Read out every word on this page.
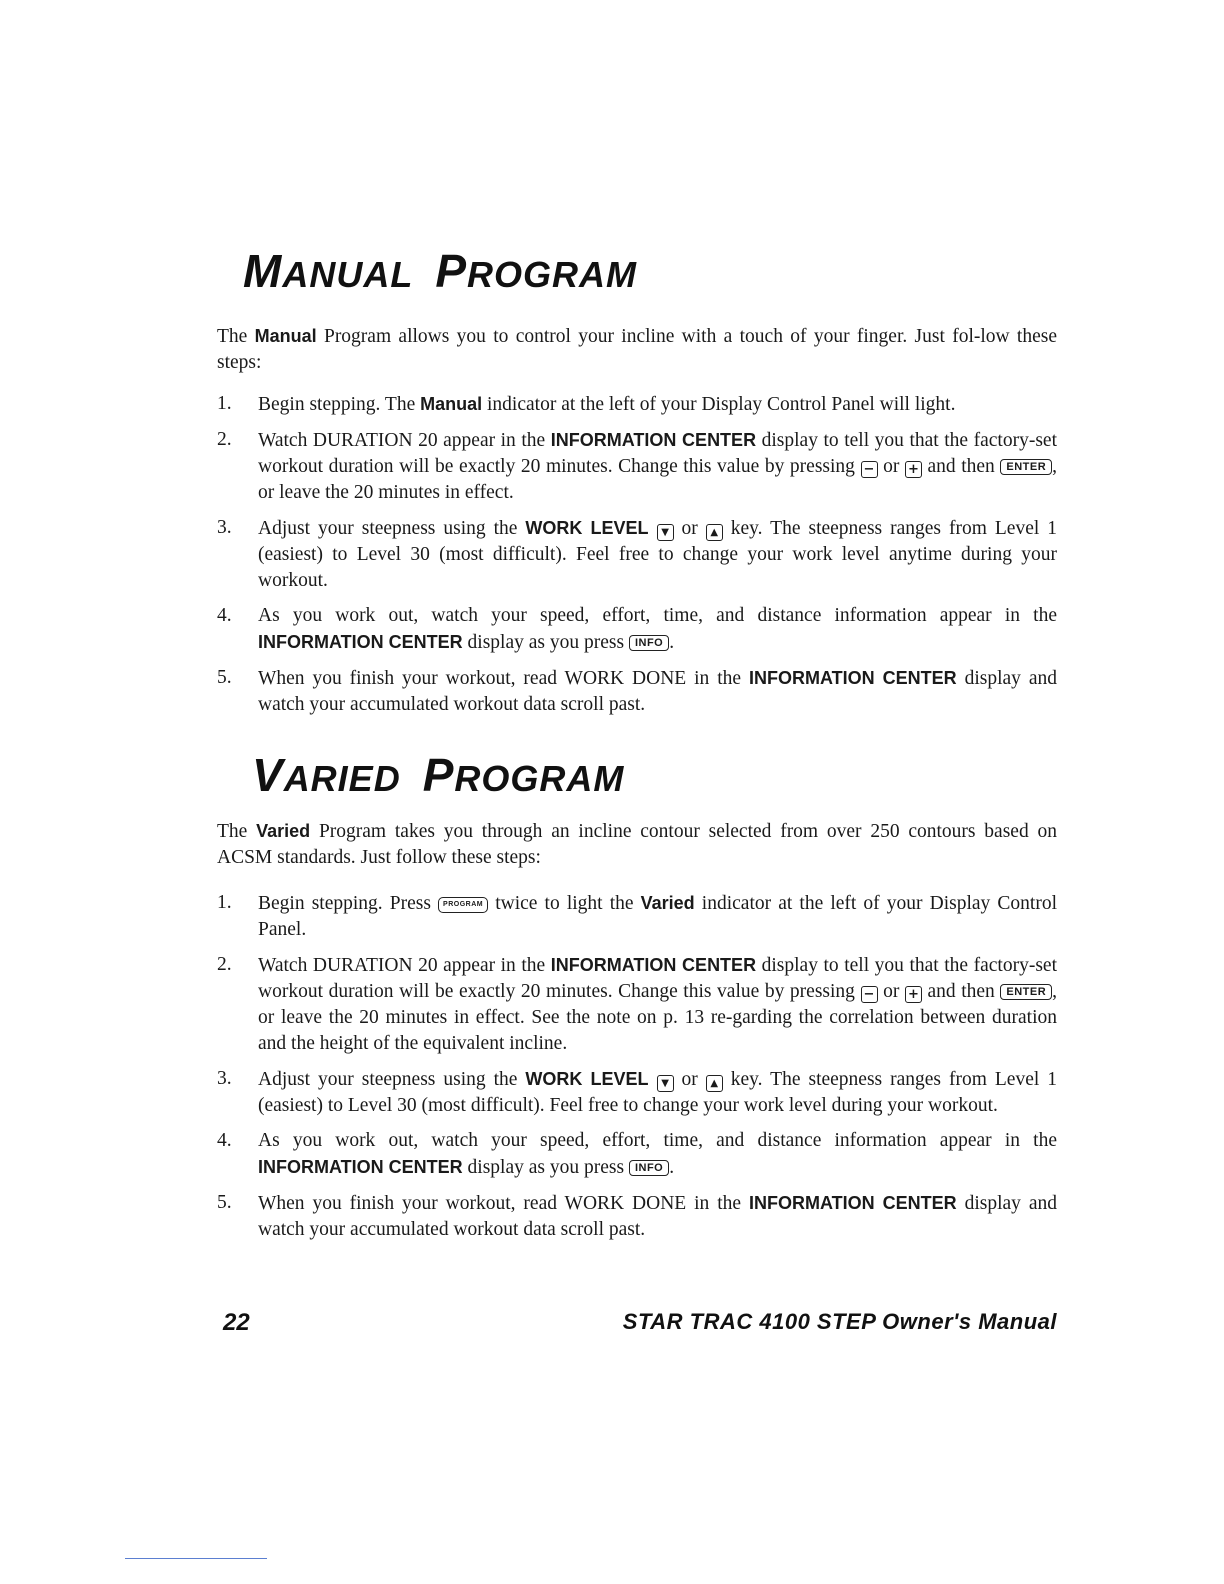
MANUAL PROGRAM

The Manual Program allows you to control your incline with a touch of your finger. Just fol-low these steps:

1. Begin stepping. The Manual indicator at the left of your Display Control Panel will light.
2. Watch DURATION 20 appear in the INFORMATION CENTER display to tell you that the factory-set workout duration will be exactly 20 minutes. Change this value by pressing − or + and then ENTER , or leave the 20 minutes in effect.
3. Adjust your steepness using the WORK LEVEL ▼ or ▲ key. The steepness ranges from Level 1 (easiest) to Level 30 (most difficult). Feel free to change your work level anytime during your workout.
4. As you work out, watch your speed, effort, time, and distance information appear in the INFORMATION CENTER display as you press INFO .
5. When you finish your workout, read WORK DONE in the INFORMATION CENTER display and watch your accumulated workout data scroll past.
VARIED PROGRAM

The Varied Program takes you through an incline contour selected from over 250 contours based on ACSM standards. Just follow these steps:

1. Begin stepping. Press PROGRAM twice to light the Varied indicator at the left of your Display Control Panel.
2. Watch DURATION 20 appear in the INFORMATION CENTER display to tell you that the factory-set workout duration will be exactly 20 minutes. Change this value by pressing − or + and then ENTER , or leave the 20 minutes in effect. See the note on p. 13 re-garding the correlation between duration and the height of the equivalent incline.
3. Adjust your steepness using the WORK LEVEL ▼ or ▲ key. The steepness ranges from Level 1 (easiest) to Level 30 (most difficult). Feel free to change your work level during your workout.
4. As you work out, watch your speed, effort, time, and distance information appear in the INFORMATION CENTER display as you press INFO .
5. When you finish your workout, read WORK DONE in the INFORMATION CENTER display and watch your accumulated workout data scroll past.
22	STAR TRAC 4100 STEP Owner's Manual
